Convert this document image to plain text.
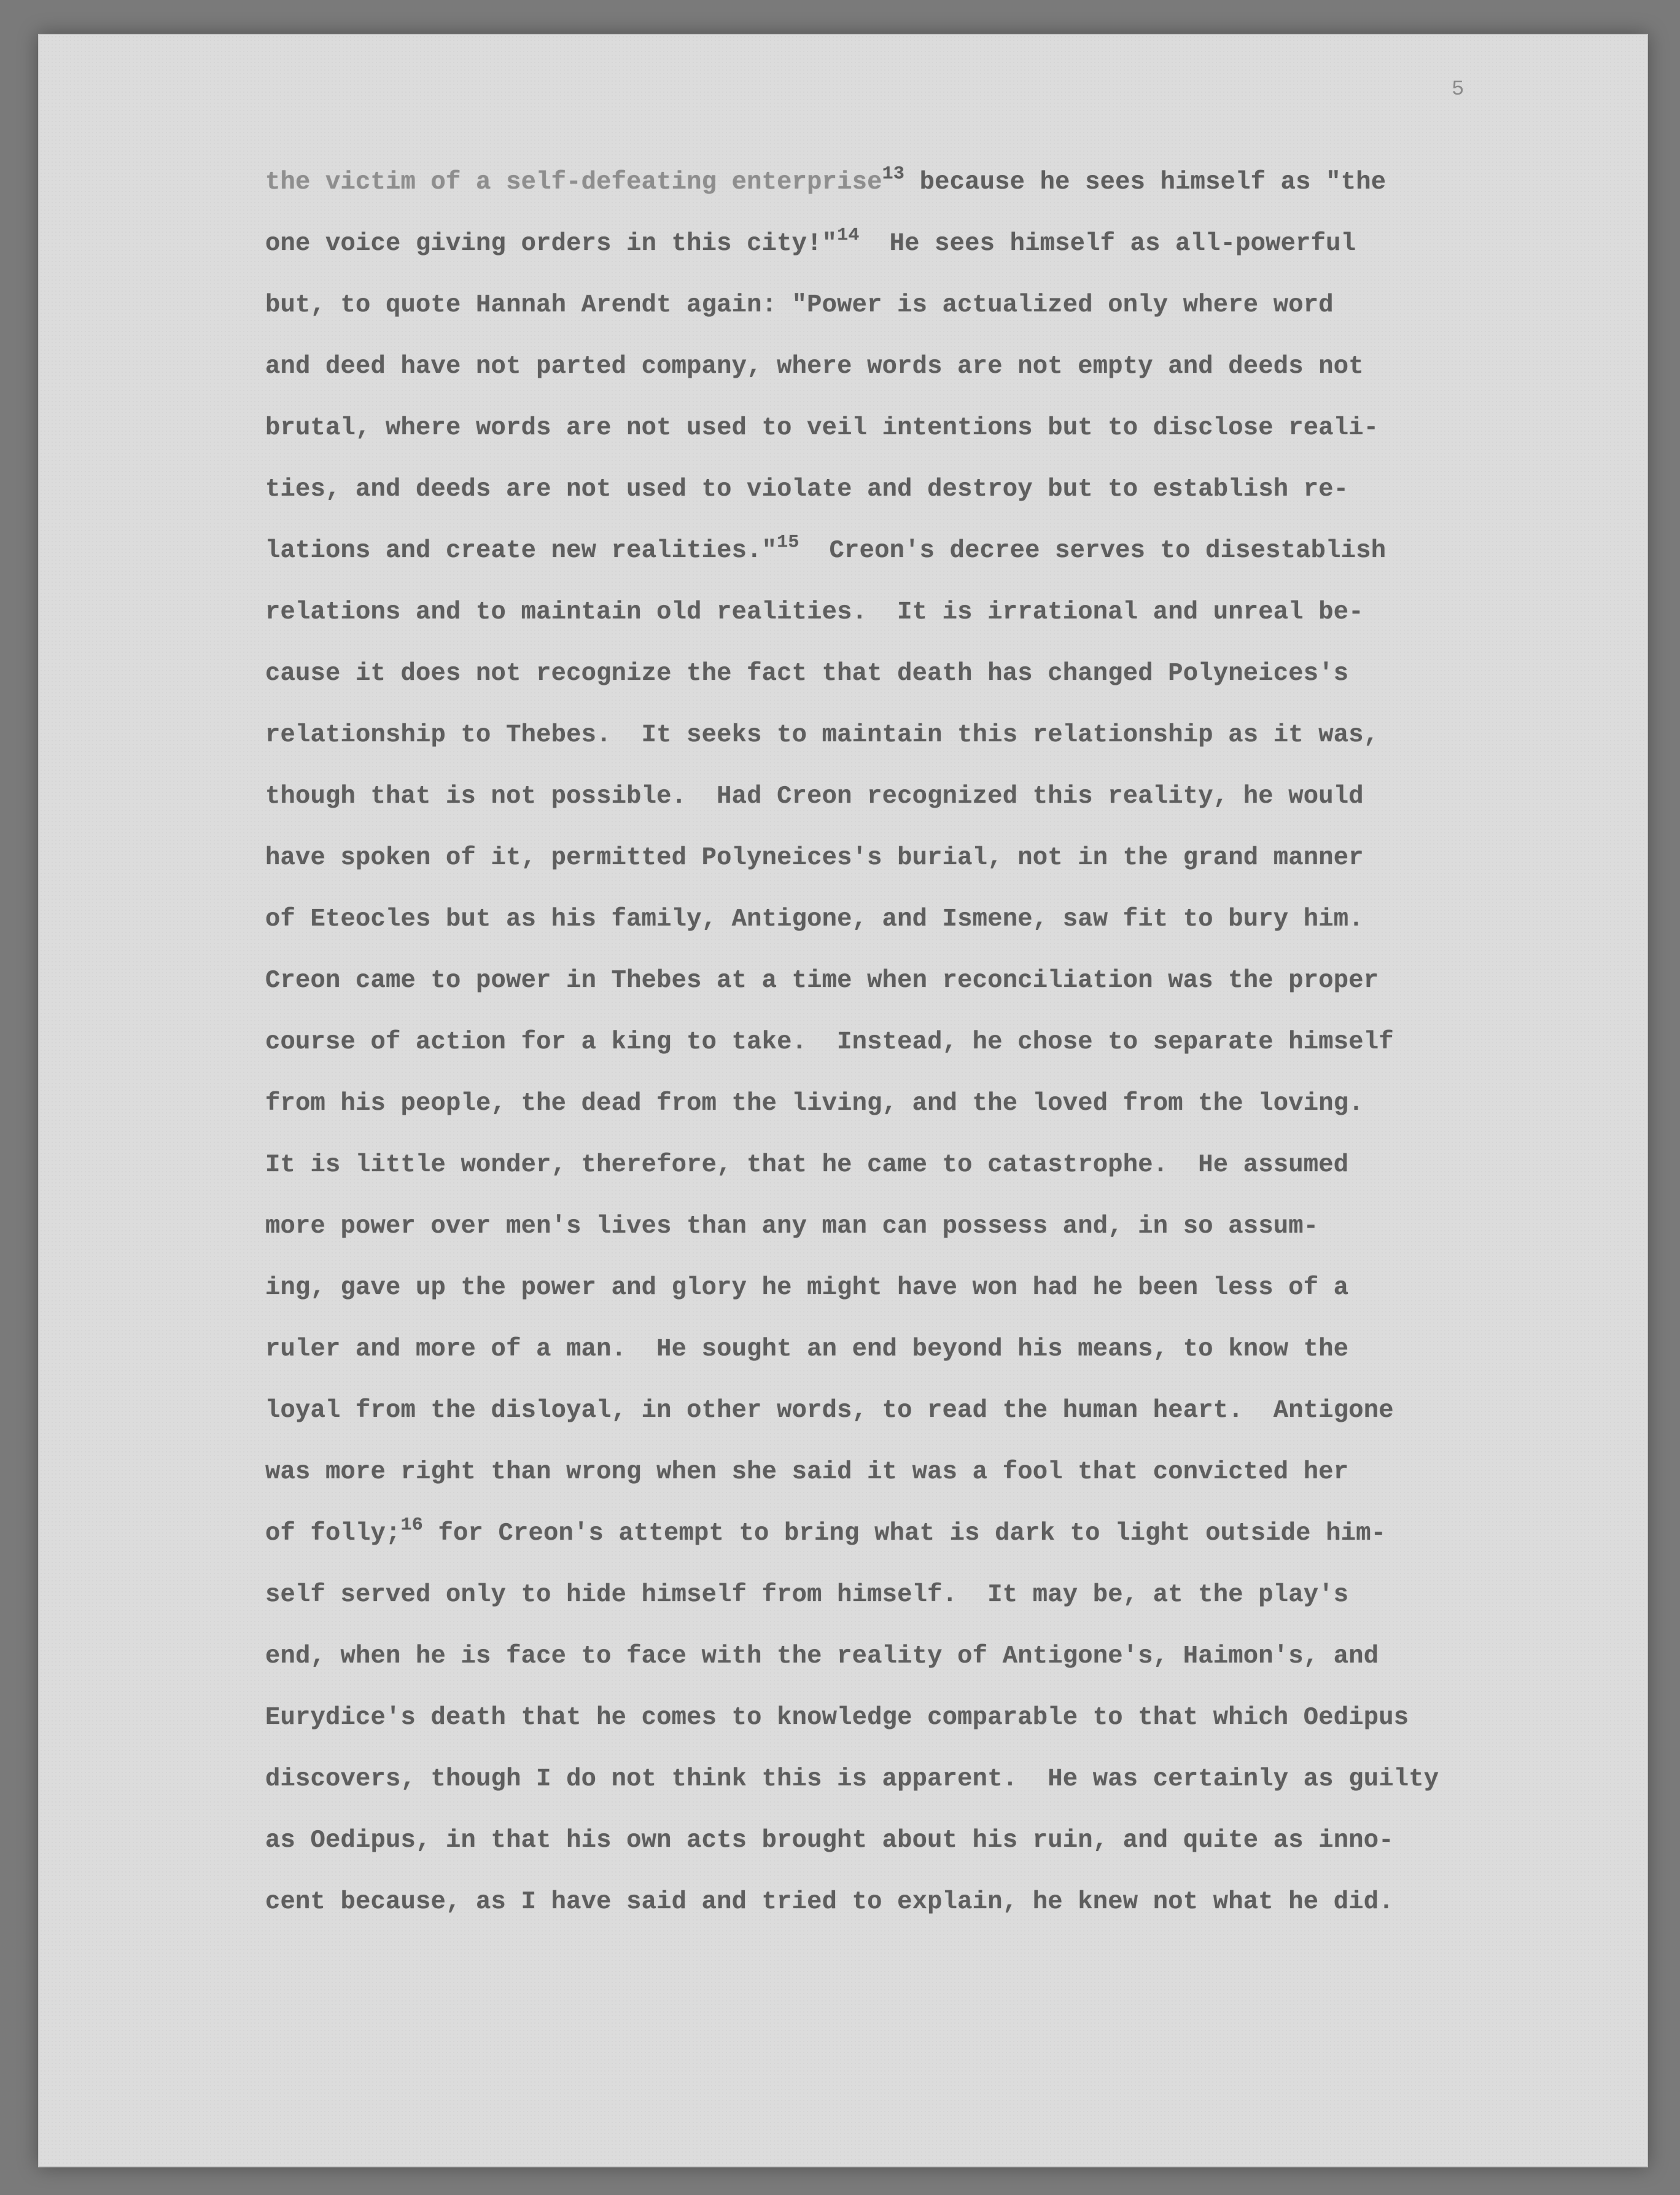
5
the victim of a self-defeating enterprise$^{13}$ because he sees himself as "the
one voice giving orders in this city!"$^{14}$  He sees himself as all-powerful
but, to quote Hannah Arendt again: "Power is actualized only where word
and deed have not parted company, where words are not empty and deeds not
brutal, where words are not used to veil intentions but to disclose reali-
ties, and deeds are not used to violate and destroy but to establish re-
lations and create new realities."$^{15}$  Creon's decree serves to disestablish
relations and to maintain old realities.  It is irrational and unreal be-
cause it does not recognize the fact that death has changed Polyneices's
relationship to Thebes.  It seeks to maintain this relationship as it was,
though that is not possible.  Had Creon recognized this reality, he would
have spoken of it, permitted Polyneices's burial, not in the grand manner
of Eteocles but as his family, Antigone, and Ismene, saw fit to bury him.
Creon came to power in Thebes at a time when reconciliation was the proper
course of action for a king to take.  Instead, he chose to separate himself
from his people, the dead from the living, and the loved from the loving.
It is little wonder, therefore, that he came to catastrophe.  He assumed
more power over men's lives than any man can possess and, in so assum-
ing, gave up the power and glory he might have won had he been less of a
ruler and more of a man.  He sought an end beyond his means, to know the
loyal from the disloyal, in other words, to read the human heart.  Antigone
was more right than wrong when she said it was a fool that convicted her
of folly;$^{16}$ for Creon's attempt to bring what is dark to light outside him-
self served only to hide himself from himself.  It may be, at the play's
end, when he is face to face with the reality of Antigone's, Haimon's, and
Eurydice's death that he comes to knowledge comparable to that which Oedipus
discovers, though I do not think this is apparent.  He was certainly as guilty
as Oedipus, in that his own acts brought about his ruin, and quite as inno-
cent because, as I have said and tried to explain, he knew not what he did.
